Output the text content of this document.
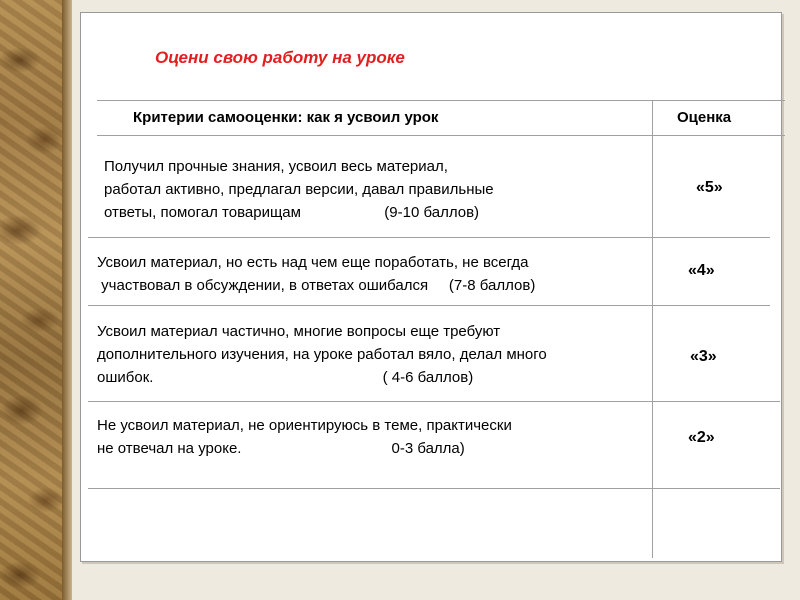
Оцени свою работу на уроке
Критерии самооценки: как я усвоил урок	Оценка
Получил прочные знания, усвоил весь материал,
работал активно, предлагал версии, давал правильные
ответы, помогал товарищам                    (9-10 баллов)
«5»
Усвоил материал, но есть над чем еще поработать, не всегда
участвовал в обсуждении, в ответах ошибался     (7-8 баллов)
«4»
Усвоил материал частично, многие вопросы еще требуют
дополнительного изучения, на уроке работал вяло, делал много
ошибок.                                                       ( 4-6 баллов)
«3»
Не усвоил материал, не ориентируюсь в теме, практически
не отвечал на уроке.                                    0-3 балла)
«2»
